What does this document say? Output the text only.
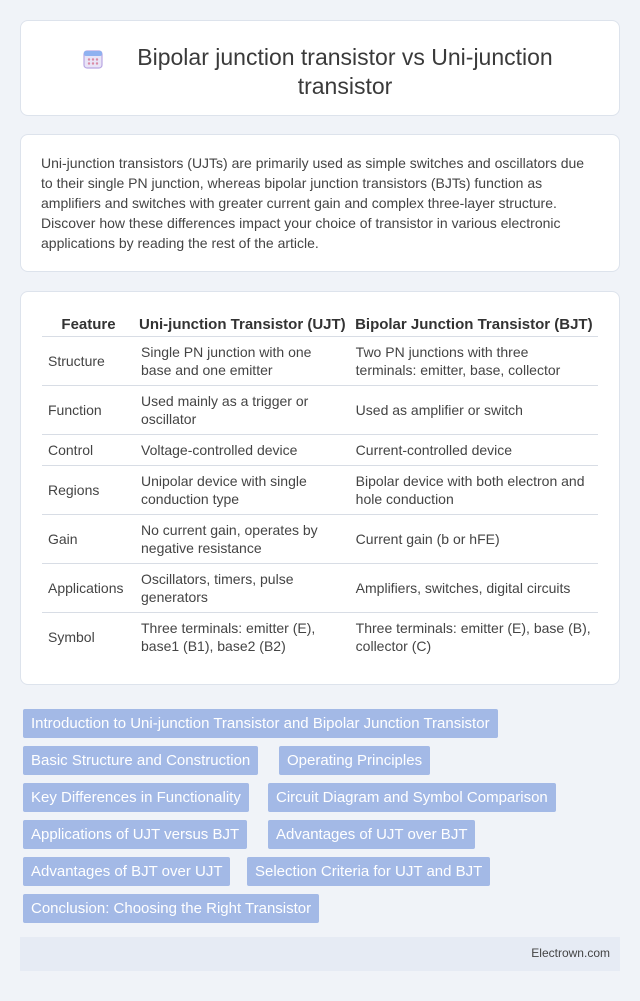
Bipolar junction transistor vs Uni-junction transistor

Uni-junction transistors (UJTs) are primarily used as simple switches and oscillators due to their single PN junction, whereas bipolar junction transistors (BJTs) function as amplifiers and switches with greater current gain and complex three-layer structure. Discover how these differences impact your choice of transistor in various electronic applications by reading the rest of the article.

Feature	Uni-junction Transistor (UJT)	Bipolar Junction Transistor (BJT)
Structure	Single PN junction with one base and one emitter	Two PN junctions with three terminals: emitter, base, collector
Function	Used mainly as a trigger or oscillator	Used as amplifier or switch
Control	Voltage-controlled device	Current-controlled device
Regions	Unipolar device with single conduction type	Bipolar device with both electron and hole conduction
Gain	No current gain, operates by negative resistance	Current gain (b or hFE)
Applications	Oscillators, timers, pulse generators	Amplifiers, switches, digital circuits
Symbol	Three terminals: emitter (E), base1 (B1), base2 (B2)	Three terminals: emitter (E), base (B), collector (C)
Introduction to Uni-junction Transistor and Bipolar Junction Transistor
Basic Structure and Construction	Operating Principles
Key Differences in Functionality	Circuit Diagram and Symbol Comparison
Applications of UJT versus BJT	Advantages of UJT over BJT
Advantages of BJT over UJT	Selection Criteria for UJT and BJT
Conclusion: Choosing the Right Transistor
Electrown.com
